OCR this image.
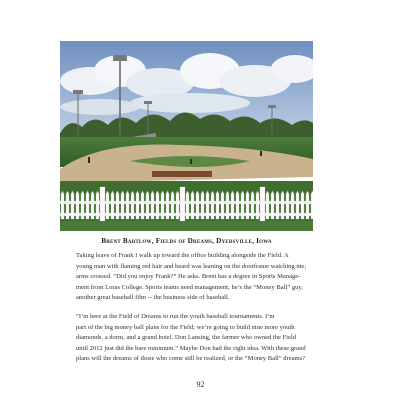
Brent Bartlow, Fields of Dreams, Dyersville, Iowa

Taking leave of Frank I walk up toward the office building alongside the Field. A
young man with flaming red hair and beard was leaning on the doorframe watching me;
arms crossed. “Did you enjoy Frank?” He asks. Brent has a degree in Sports Manage-
ment from Loras College. Sports teams need management; he’s the “Money Ball” guy,
another great baseball film -- the business side of baseball.

“I’m here at the Field of Dreams to run the youth baseball tournaments. I’m
part of the big money ball plans for the Field; we’re going to build nine more youth
diamonds, a dorm, and a grand hotel. Don Lansing, the farmer who owned the Field
until 2012 just did the bare minimum.” Maybe Don had the right idea. With these grand
plans will the dreams of those who come still be realized, or the “Money Ball” dreams?

92
